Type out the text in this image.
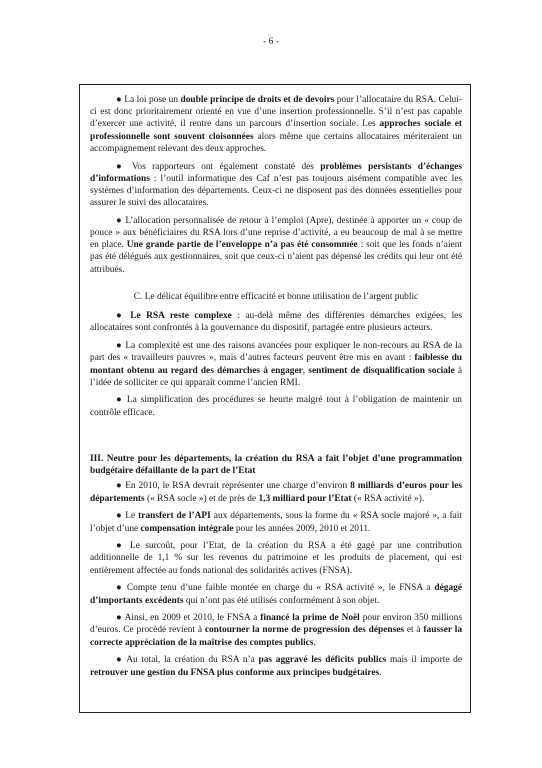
- 6 -

● La loi pose un double principe de droits et de devoirs pour l’allocataire du RSA. Celui-ci est donc prioritairement orienté en vue d’une insertion professionnelle. S’il n’est pas capable d’exercer une activité, il rentre dans un parcours d’insertion sociale. Les approches sociale et professionnelle sont souvent cloisonnées alors même que certains allocataires mériteraient un accompagnement relevant des deux approches.

● Vos rapporteurs ont également constaté des problèmes persistants d’échanges d’informations : l’outil informatique des Caf n’est pas toujours aisément compatible avec les systèmes d’information des départements. Ceux-ci ne disposent pas des données essentielles pour assurer le suivi des allocataires.

● L’allocation personnalisée de retour à l’emploi (Apre), destinée à apporter un « coup de pouce » aux bénéficiaires du RSA lors d’une reprise d’activité, a eu beaucoup de mal à se mettre en place. Une grande partie de l’enveloppe n’a pas été consommée : soit que les fonds n’aient pas été délégués aux gestionnaires, soit que ceux-ci n’aient pas dépensé les crédits qui leur ont été attribués.

C. Le délicat équilibre entre efficacité et bonne utilisation de l’argent public

● Le RSA reste complexe : au-delà même des différentes démarches exigées, les allocataires sont confrontés à la gouvernance du dispositif, partagée entre plusieurs acteurs.

● La complexité est une des raisons avancées pour expliquer le non-recours au RSA de la part des « travailleurs pauvres », mais d’autres facteurs peuvent être mis en avant : faiblesse du montant obtenu au regard des démarches à engager, sentiment de disqualification sociale à l’idée de solliciter ce qui apparaît comme l’ancien RMI.

● La simplification des procédures se heurte malgré tout à l’obligation de maintenir un contrôle efficace.

III. Neutre pour les départements, la création du RSA a fait l’objet d’une programmation budgétaire défaillante de la part de l’Etat

● En 2010, le RSA devrait représenter une charge d’environ 8 milliards d’euros pour les départements (« RSA socle ») et de près de 1,3 milliard pour l’Etat (« RSA activité »).

● Le transfert de l’API aux départements, sous la forme du « RSA socle majoré », a fait l’objet d’une compensation intégrale pour les années 2009, 2010 et 2011.

● Le surcoût, pour l’Etat, de la création du RSA a été gagé par une contribution additionnelle de 1,1 % sur les revenus du patrimoine et les produits de placement, qui est entièrement affectée au fonds national des solidarités actives (FNSA).

● Compte tenu d’une faible montée en charge du « RSA activité », le FNSA a dégagé d’importants excédents qui n’ont pas été utilisés conformément à son objet.

● Ainsi, en 2009 et 2010, le FNSA a financé la prime de Noël pour environ 350 millions d’euros. Ce procédé revient à contourner la norme de progression des dépenses et à fausser la correcte appréciation de la maîtrise des comptes publics.

● Au total, la création du RSA n’a pas aggravé les déficits publics mais il importe de retrouver une gestion du FNSA plus conforme aux principes budgétaires.
